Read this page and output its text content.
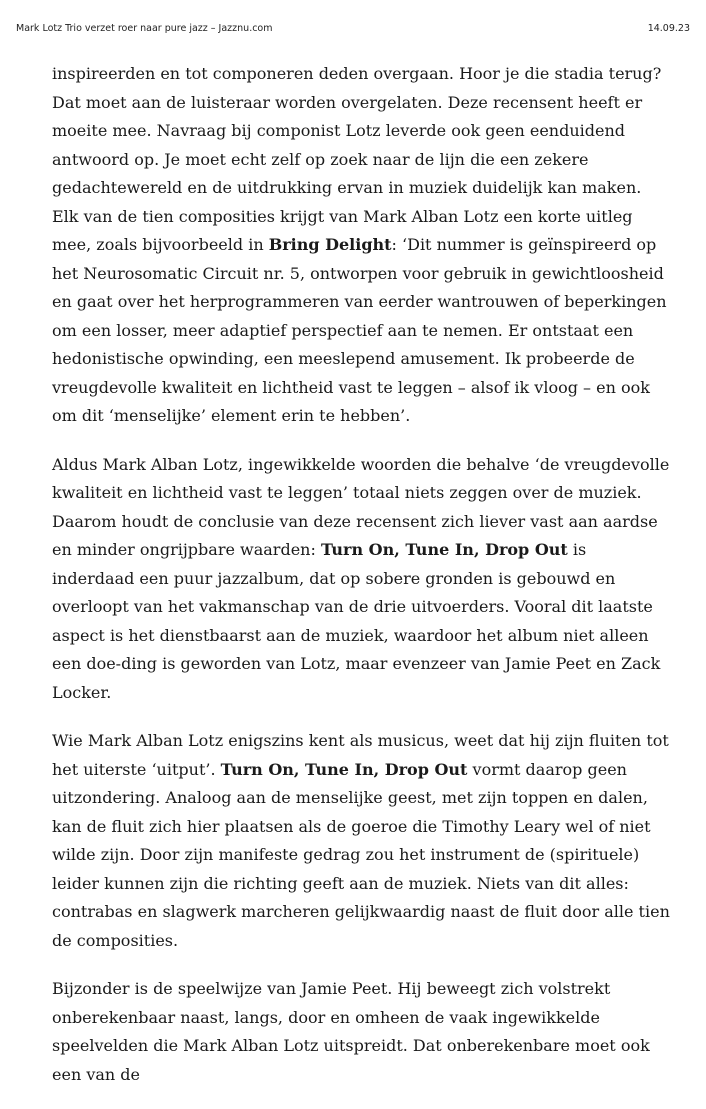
Mark Lotz Trio verzet roer naar pure jazz – Jazznu.com	14.09.23

inspireerden en tot componeren deden overgaan. Hoor je die stadia terug? Dat moet aan de luisteraar worden overgelaten. Deze recensent heeft er moeite mee. Navraag bij componist Lotz leverde ook geen eenduidend antwoord op. Je moet echt zelf op zoek naar de lijn die een zekere gedachtewereld en de uitdrukking ervan in muziek duidelijk kan maken. Elk van de tien composities krijgt van Mark Alban Lotz een korte uitleg mee, zoals bijvoorbeeld in Bring Delight: ‘Dit nummer is geïnspireerd op het Neurosomatic Circuit nr. 5, ontworpen voor gebruik in gewichtloosheid en gaat over het herprogrammeren van eerder wantrouwen of beperkingen om een losser, meer adaptief perspectief aan te nemen. Er ontstaat een hedonistische opwinding, een meeslepend amusement. Ik probeerde de vreugdevolle kwaliteit en lichtheid vast te leggen – alsof ik vloog – en ook om dit ‘menselijke’ element erin te hebben’.

Aldus Mark Alban Lotz, ingewikkelde woorden die behalve ‘de vreugdevolle kwaliteit en lichtheid vast te leggen’ totaal niets zeggen over de muziek. Daarom houdt de conclusie van deze recensent zich liever vast aan aardse en minder ongrijpbare waarden: Turn On, Tune In, Drop Out is inderdaad een puur jazzalbum, dat op sobere gronden is gebouwd en overloopt van het vakmanschap van de drie uitvoerders. Vooral dit laatste aspect is het dienstbaarst aan de muziek, waardoor het album niet alleen een doe-ding is geworden van Lotz, maar evenzeer van Jamie Peet en Zack Locker.

Wie Mark Alban Lotz enigszins kent als musicus, weet dat hij zijn fluiten tot het uiterste ‘uitput’. Turn On, Tune In, Drop Out vormt daarop geen uitzondering. Analoog aan de menselijke geest, met zijn toppen en dalen, kan de fluit zich hier plaatsen als de goeroe die Timothy Leary wel of niet wilde zijn. Door zijn manifeste gedrag zou het instrument de (spirituele) leider kunnen zijn die richting geeft aan de muziek. Niets van dit alles: contrabas en slagwerk marcheren gelijkwaardig naast de fluit door alle tien de composities.

Bijzonder is de speelwijze van Jamie Peet. Hij beweegt zich volstrekt onberekenbaar naast, langs, door en omheen de vaak ingewikkelde speelvelden die Mark Alban Lotz uitspreidt. Dat onberekenbare moet ook een van de
